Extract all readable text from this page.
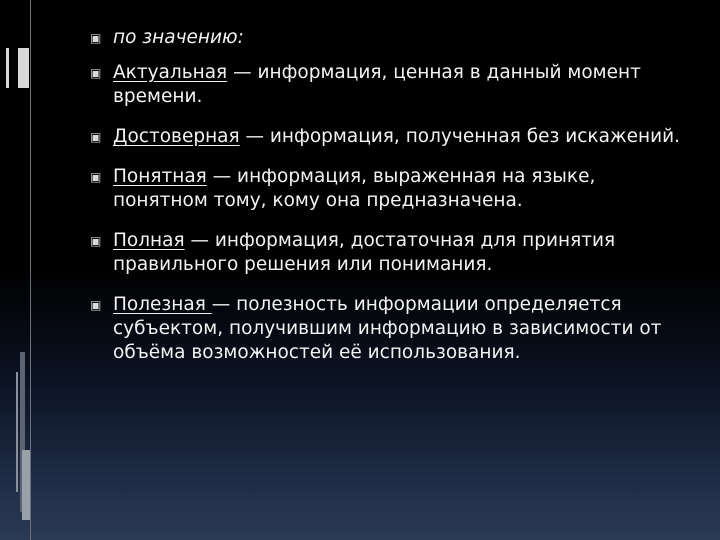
▣ по значению:
▣ Актуальная — информация, ценная в данный момент времени.
▣ Достоверная — информация, полученная без искажений.
▣ Понятная — информация, выраженная на языке, понятном тому, кому она предназначена.
▣ Полная — информация, достаточная для принятия правильного решения или понимания.
▣ Полезная — полезность информации определяется субъектом, получившим информацию в зависимости от объёма возможностей её использования.
